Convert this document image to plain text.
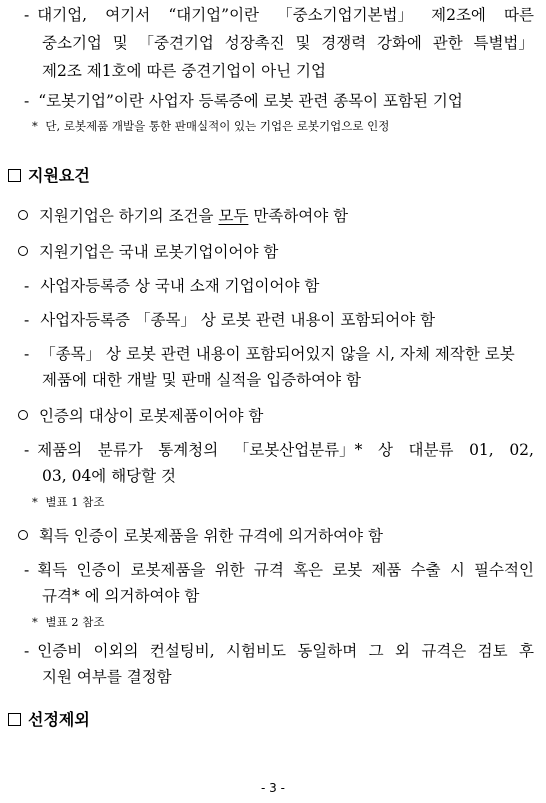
- 대기업, 여기서 “대기업”이란 「중소기업기본법」 제2조에 따른
중소기업 및 「중견기업 성장촉진 및 경쟁력 강화에 관한 특별법」
제2조 제1호에 따른 중견기업이 아닌 기업
- “로봇기업”이란 사업자 등록증에 로봇 관련 종목이 포함된 기업
* 단, 로봇제품 개발을 통한 판매실적이 있는 기업은 로봇기업으로 인정
지원요건
지원기업은 하기의 조건을 모두 만족하여야 함
지원기업은 국내 로봇기업이어야 함
- 사업자등록증 상 국내 소재 기업이어야 함
- 사업자등록증 「종목」 상 로봇 관련 내용이 포함되어야 함
- 「종목」 상 로봇 관련 내용이 포함되어있지 않을 시, 자체 제작한 로봇
제품에 대한 개발 및 판매 실적을 입증하여야 함
인증의 대상이 로봇제품이어야 함
- 제품의 분류가 통계청의 「로봇산업분류」* 상 대분류 01, 02,
03, 04에 해당할 것
* 별표 1 참조
획득 인증이 로봇제품을 위한 규격에 의거하여야 함
- 획득 인증이 로봇제품을 위한 규격 혹은 로봇 제품 수출 시 필수적인
규격* 에 의거하여야 함
* 별표 2 참조
- 인증비 이외의 컨설팅비, 시험비도 동일하며 그 외 규격은 검토 후
지원 여부를 결정함
선정제외
- 3 -
